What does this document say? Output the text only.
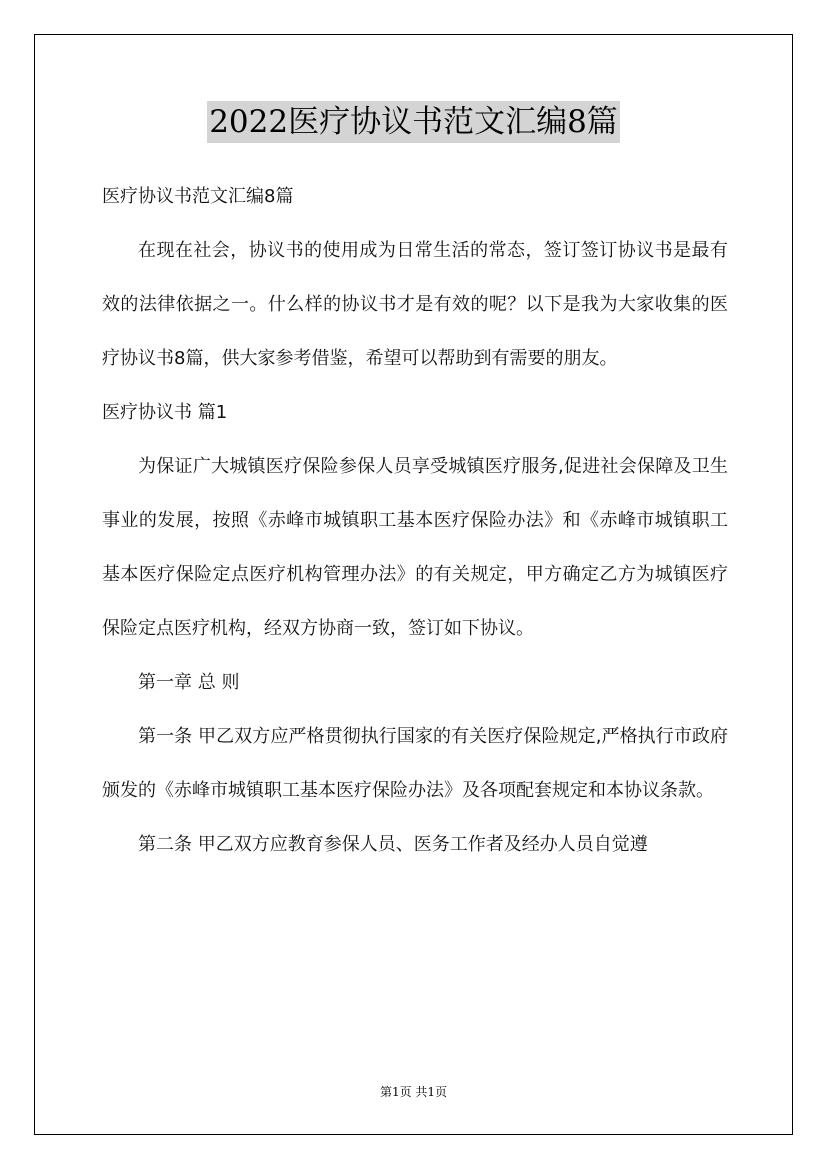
2022医疗协议书范文汇编8篇

医疗协议书范文汇编8篇

在现在社会，协议书的使用成为日常生活的常态，签订签订协议书是最有效的法律依据之一。什么样的协议书才是有效的呢？以下是我为大家收集的医疗协议书8篇，供大家参考借鉴，希望可以帮助到有需要的朋友。

医疗协议书 篇1

为保证广大城镇医疗保险参保人员享受城镇医疗服务,促进社会保障及卫生事业的发展，按照《赤峰市城镇职工基本医疗保险办法》和《赤峰市城镇职工基本医疗保险定点医疗机构管理办法》的有关规定，甲方确定乙方为城镇医疗保险定点医疗机构，经双方协商一致，签订如下协议。

第一章 总 则

第一条 甲乙双方应严格贯彻执行国家的有关医疗保险规定,严格执行市政府颁发的《赤峰市城镇职工基本医疗保险办法》及各项配套规定和本协议条款。

第二条 甲乙双方应教育参保人员、医务工作者及经办人员自觉遵

第1页 共1页
